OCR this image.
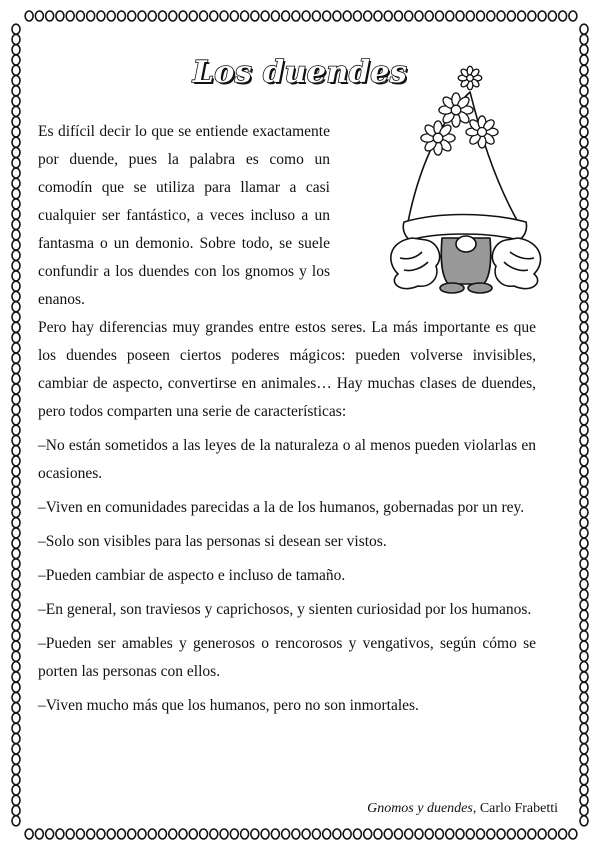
Los duendes

Es difícil decir lo que se entiende exactamente por duende, pues la palabra es como un comodín que se utiliza para llamar a casi cualquier ser fantástico, a veces incluso a un fantasma o un demonio. Sobre todo, se suele confundir a los duendes con los gnomos y los enanos.

Pero hay diferencias muy grandes entre estos seres. La más importante es que los duendes poseen ciertos poderes mágicos: pueden volverse invisibles, cambiar de aspecto, convertirse en animales… Hay muchas clases de duendes, pero todos comparten una serie de características:

–No están sometidos a las leyes de la naturaleza o al menos pueden violarlas en ocasiones.

–Viven en comunidades parecidas a la de los humanos, gobernadas por un rey.

–Solo son visibles para las personas si desean ser vistos.

–Pueden cambiar de aspecto e incluso de tamaño.

–En general, son traviesos y caprichosos, y sienten curiosidad por los humanos.

–Pueden ser amables y generosos o rencorosos y vengativos, según cómo se porten las personas con ellos.

–Viven mucho más que los humanos, pero no son inmortales.

Gnomos y duendes, Carlo Frabetti
